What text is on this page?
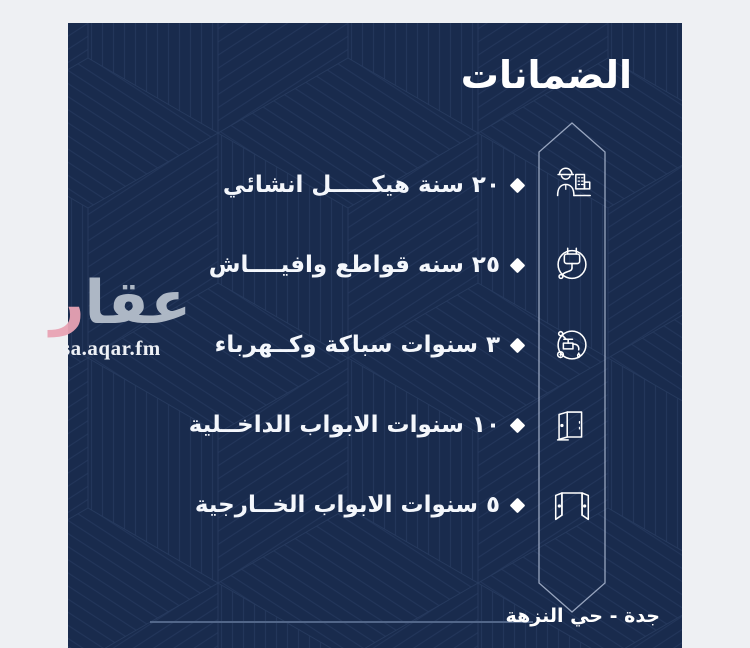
الضمانات
٢٠ سنة هيكـــــل انشائي
٢٥ سنه قواطع وافيــــاش
٣ سنوات سباكة وكــهرباء
١٠ سنوات الابواب الداخــلية
٥ سنوات الابواب الخــارجية
جدة - حي النزهة
عقار
sa.aqar.fm
